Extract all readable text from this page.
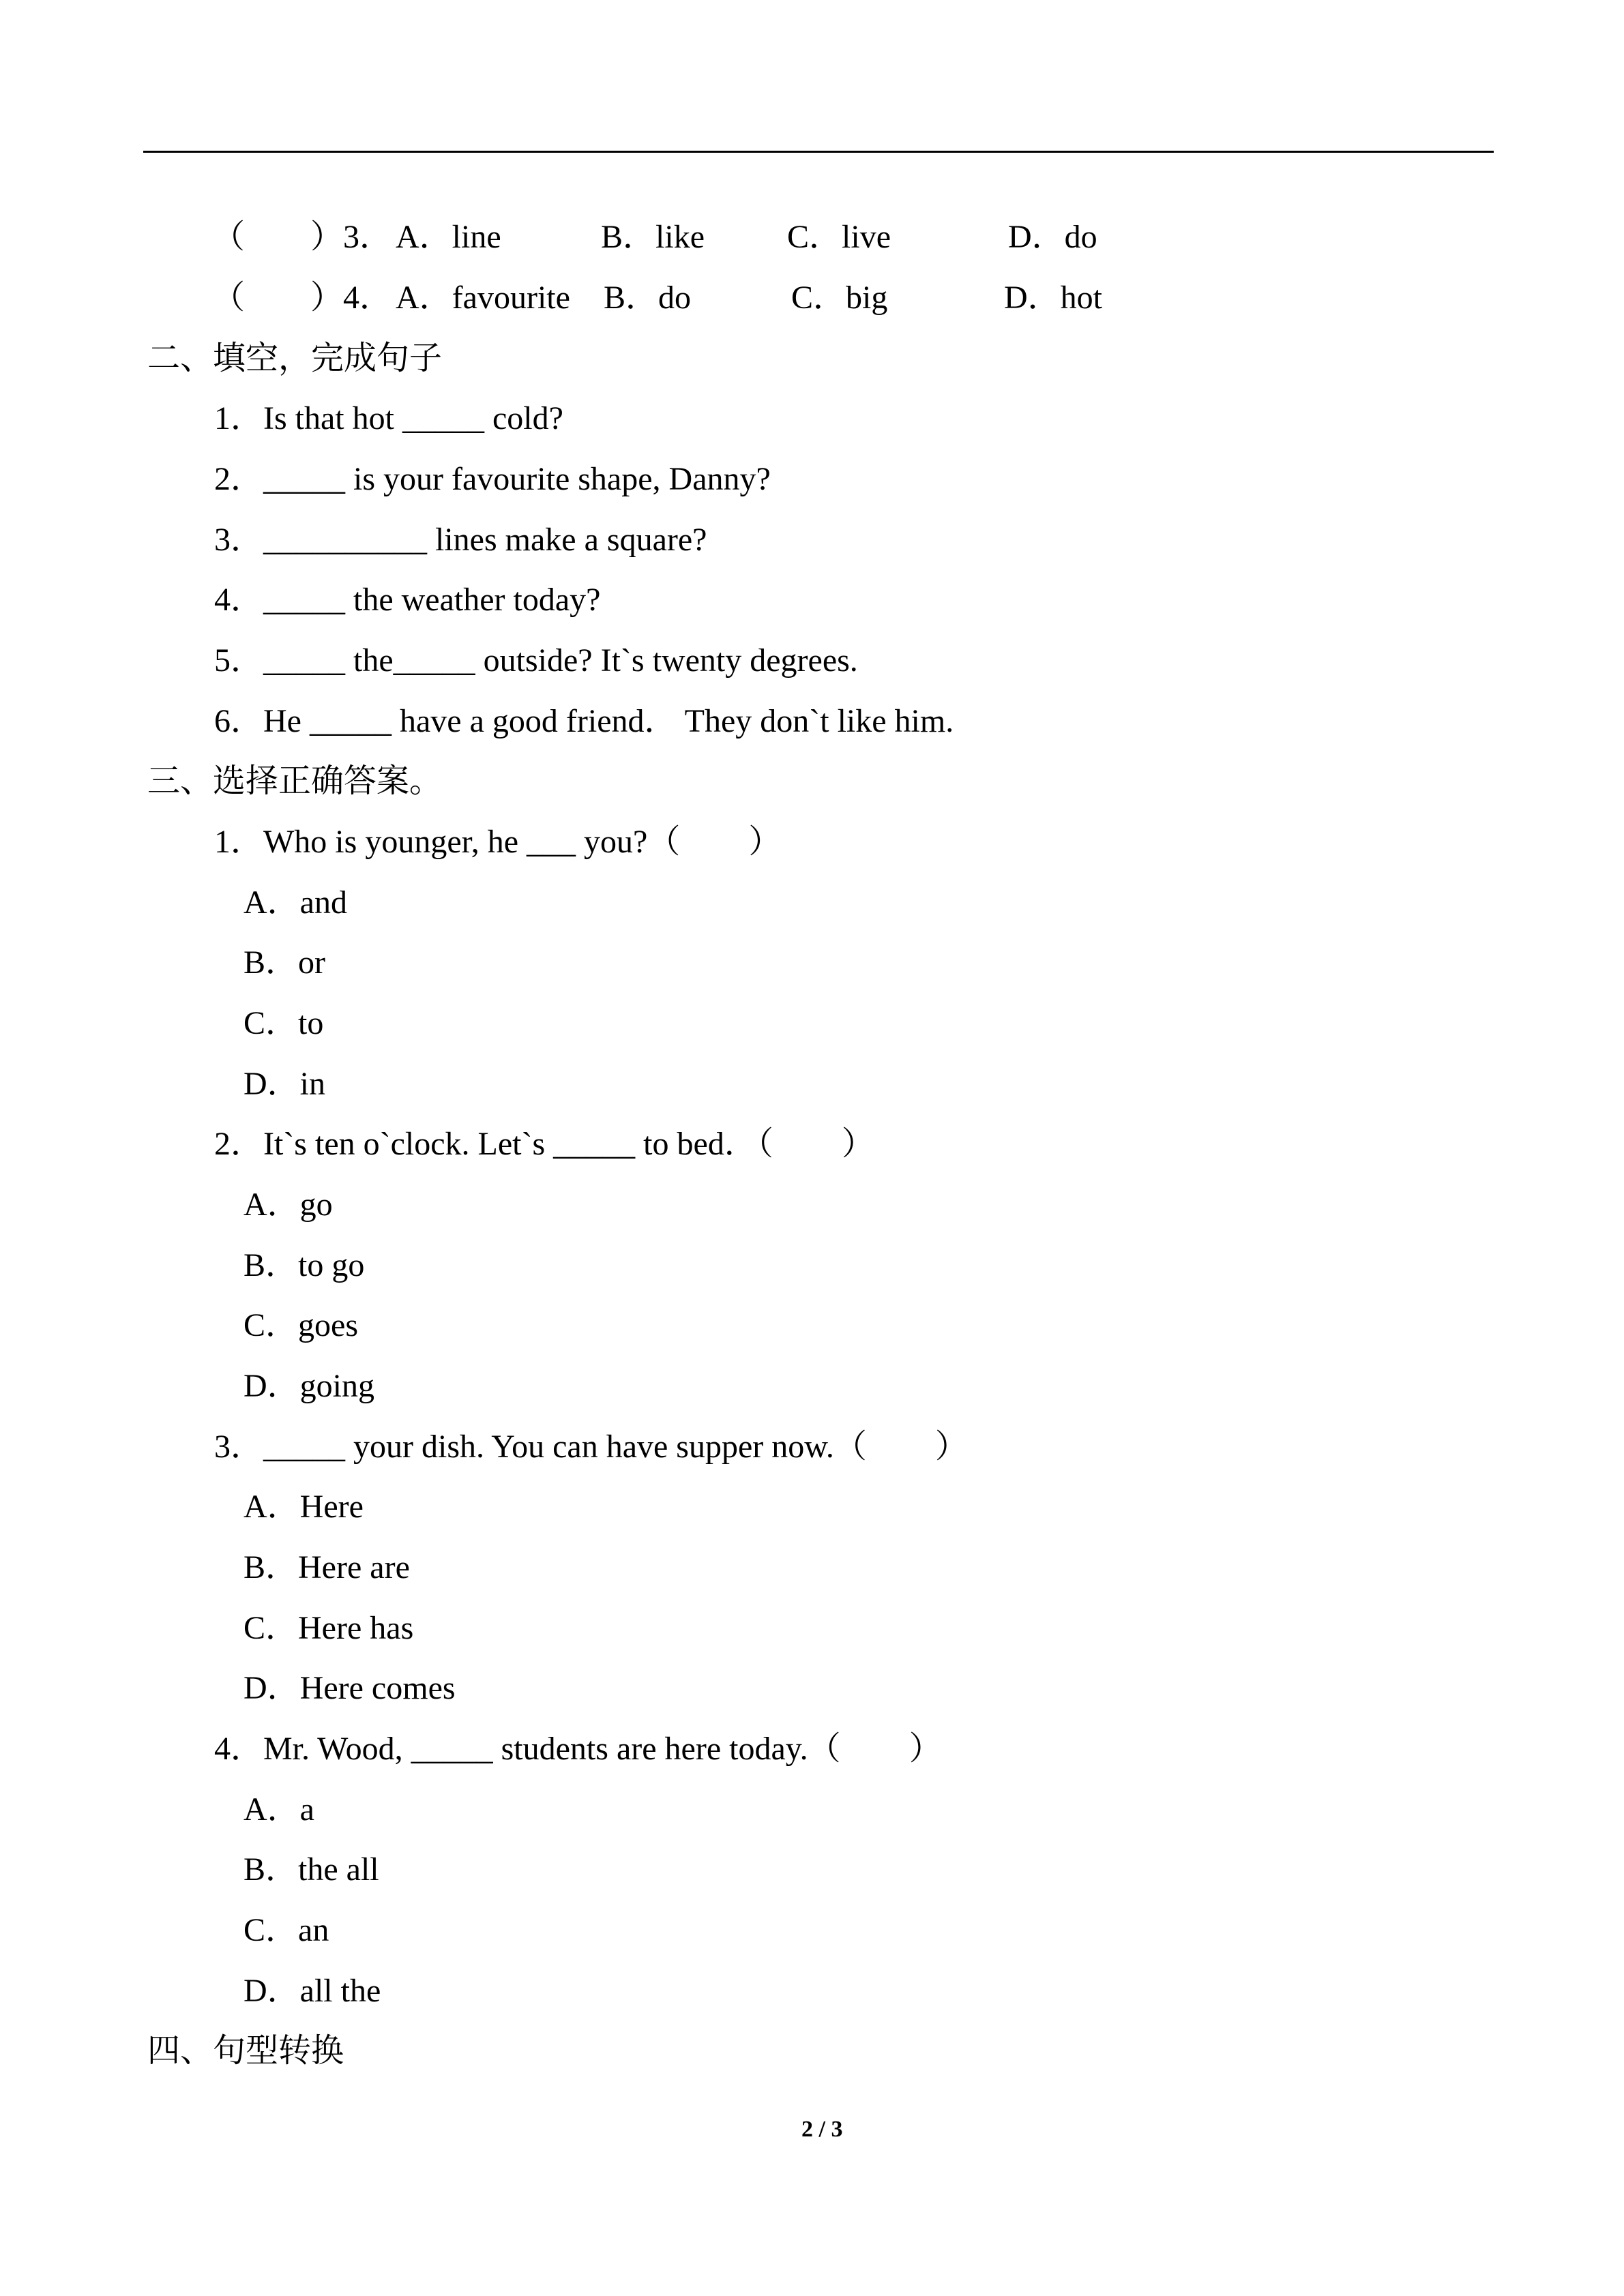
（ ）3． A．line	B．like	C．live	D．do
（ ）4． A．favourite B．do	C．big	D．hot
二、填空，完成句子
1．Is that hot _____ cold?
2．_____ is your favourite shape, Danny?
3．__________ lines make a square?
4．_____ the weather today?
5．_____ the_____ outside? It`s twenty degrees.
6．He _____ have a good friend． They don`t like him.
三、选择正确答案。
1．Who is younger, he ___ you?（ ）
A．and
B．or
C．to
D．in
2．It`s ten o`clock. Let`s _____ to bed．（ ）
A．go
B．to go
C．goes
D．going
3．_____ your dish. You can have supper now.（ ）
A．Here
B．Here are
C．Here has
D．Here comes
4．Mr. Wood, _____ students are here today.（ ）
A．a
B．the all
C．an
D．all the
四、句型转换
2 / 3
